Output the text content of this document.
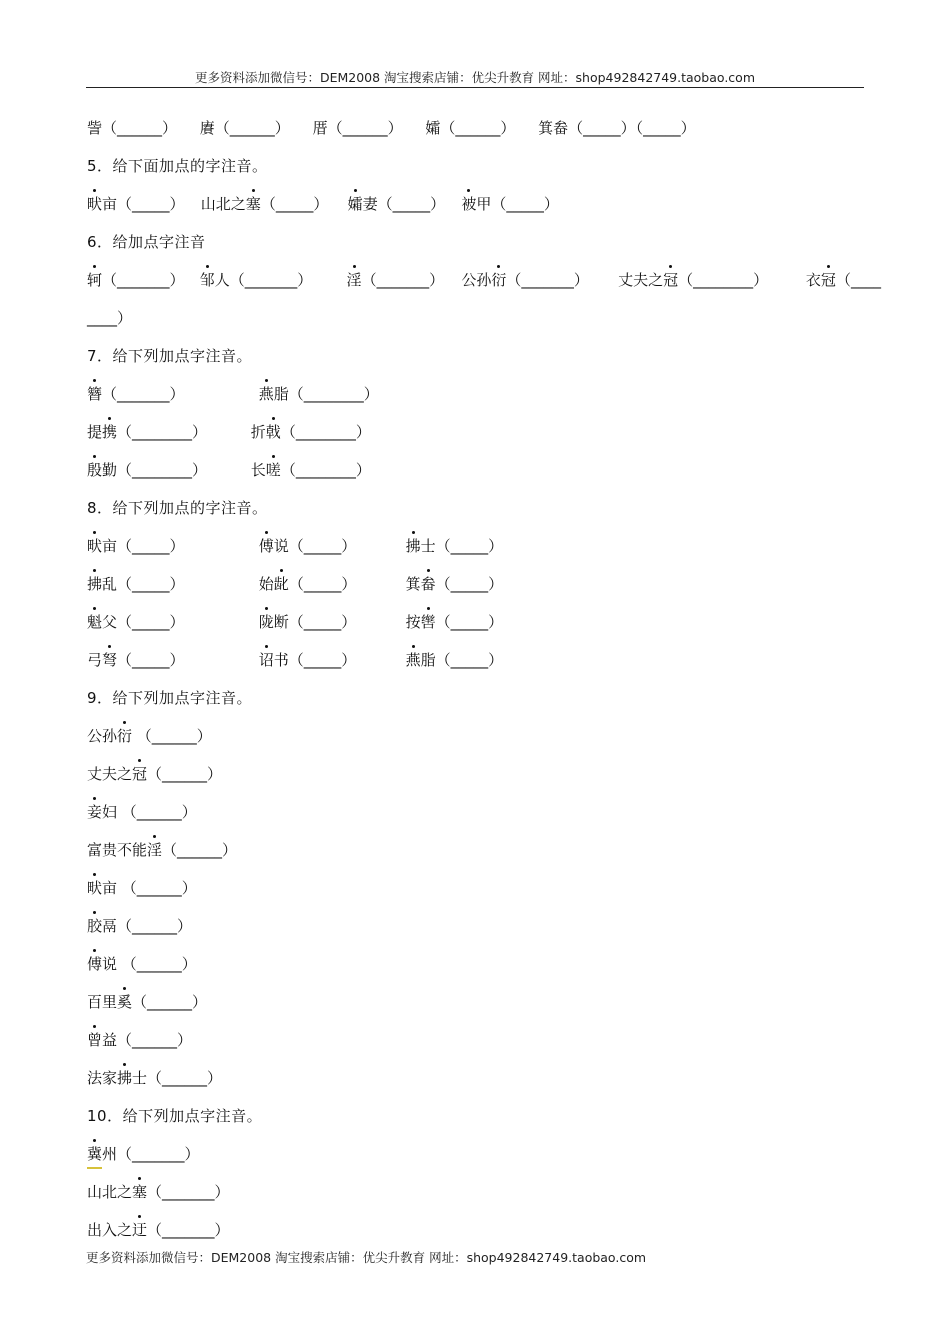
更多资料添加微信号：DEM2008 淘宝搜索店铺：优尖升教育 网址：shop492842749.taobao.com
訾（______） 賡（______） 厝（______） 孀（______） 箕畚（_____）（_____）
5．给下面加点的字注音。
畎亩（_____） 山北之塞（_____） 孀妻（_____） 被甲（_____）
6．给加点字注音
轲（_______） 邹人（_______） 淫（_______） 公孙衍（_______） 丈夫之冠（________）	衣冠（____
____）
7．给下列加点字注音。
簪（_______）	燕脂（________）
提携（________）	折戟（________）
殷勤（________）	长嗟（________）
8．给下列加点的字注音。
畎亩（_____）	傅说（_____）	拂士（_____）
拂乱（_____）	始龀（_____）	箕畚（_____）
魁父（_____）	陇断（_____）	按辔（_____）
弓弩（_____）	诏书（_____）	燕脂（_____）
9．给下列加点字注音。
公孙衍 （______）
丈夫之冠（______）
妾妇 （______）
富贵不能淫（______）
畎亩 （______）
胶鬲（______）
傅说 （______）
百里奚（______）
曾益（______）
法家拂士（______）
10．给下列加点字注音。
冀州（_______）
山北之塞（_______）
出入之迂（_______）
更多资料添加微信号：DEM2008 淘宝搜索店铺：优尖升教育 网址：shop492842749.taobao.com
